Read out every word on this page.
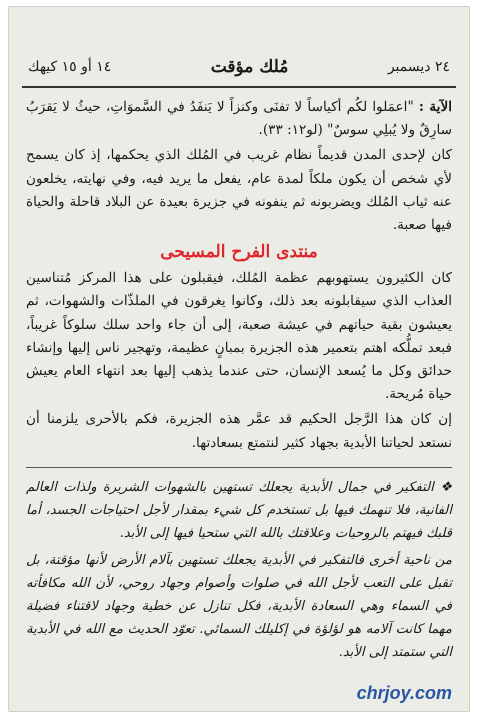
٢٤ ديسمبر
مُلك مؤقت
١٤ أو ١٥ كيهك

الآية : "اعمَلوا لكُم أكياساً لا تفنَى وكنزاً لا يَنفَدُ في السَّموَاتِ، حيثُ لا يَقرَبُ سارِقٌ ولا يُبلِي سوسٌ" (لو١٢: ٣٣).

كان لإحدى المدن قديماً نظام غريب في المُلك الذي يحكمها، إذ كان يسمح لأي شخص أن يكون ملكاً لمدة عام، يفعل ما يريد فيه، وفي نهايته، يخلعون عنه ثياب المُلك ويضربونه ثم ينفونه في جزيرة بعيدة عن البلاد قاحلة والحياة فيها صعبة.

منتدى الفرح المسيحى

كان الكثيرون يستهوبهم عظمة المُلك، فيقبلون على هذا المركز مُتناسين العذاب الذي سيقابلونه بعد ذلك، وكانوا يغرقون في الملذّات والشهوات، ثم يعيشون بقية حياتهم في عيشة صعبة، إلى أن جاء واحد سلك سلوكاً غريباً، فبعد تملُّكه اهتم بتعمير هذه الجزيرة بمبانٍ عظيمة، وتهجير ناس إليها وإنشاء حدائق وكل ما يُسعد الإنسان، حتى عندما يذهب إليها بعد انتهاء العام يعيش حياة مُريحة.

إن كان هذا الرَّجل الحكيم قد عمَّر هذه الجزيرة، فكم بالأحرى يلزمنا أن نستعد لحياتنا الأبدية بجهاد كثير لنتمتع بسعادتها.

❖ التفكير في جمال الأبدية يجعلك تستهين بالشهوات الشريرة ولذات العالم الفانية، فلا تنهمك فيها بل تستخدم كل شيء بمقدار لأجل احتياجات الجسد، أما قلبك فيهتم بالروحيات وعلاقتك بالله التي ستحيا فيها إلى الأبد.

من ناحية أخرى فالتفكير في الأبدية يجعلك تستهين بآلام الأرض لأنها مؤقتة، بل تقبل على التعب لأجل الله في صلوات وأصوام وجهاد روحي، لأن الله مكافأته في السماء وهي السعادة الأبدية، فكل تنازل عن خطية وجهاد لاقتناء فضيلة مهما كانت آلامه هو لؤلؤة في إكليلك السمائي. تعوّد الحديث مع الله في الأبدية التي ستمتد إلى الأبد.

chrjoy.com
